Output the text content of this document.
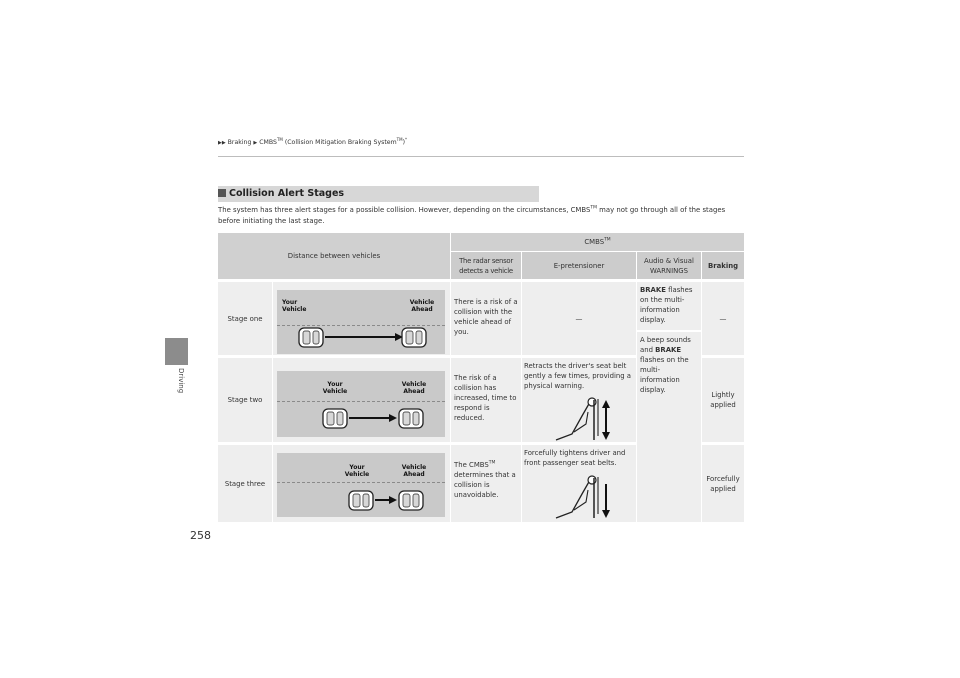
Driving
258
▶▶ Braking ▶ CMBS™ (Collision Mitigation Braking System™)*
Collision Alert Stages
The system has three alert stages for a possible collision. However, depending on the circumstances, CMBS™ may not go through all of the stages before initiating the last stage.
Distance between vehicles
CMBS™
The radar sensor detects a vehicle
E-pretensioner
Audio & Visual WARNINGS
Braking
Stage one
There is a risk of a collision with the vehicle ahead of you.
—
BRAKE flashes on the multi-information display.	—
Stage two
The risk of a collision has increased, time to respond is reduced.
Retracts the driver's seat belt gently a few times, providing a physical warning.
A beep sounds and BRAKE flashes on the multi-information display.
Lightly applied
Stage three
The CMBS™ determines that a collision is unavoidable.
Forcefully tightens driver and front passenger seat belts.
Forcefully applied
Your Vehicle
Vehicle Ahead
Your Vehicle
Vehicle Ahead
Your Vehicle
Vehicle Ahead
